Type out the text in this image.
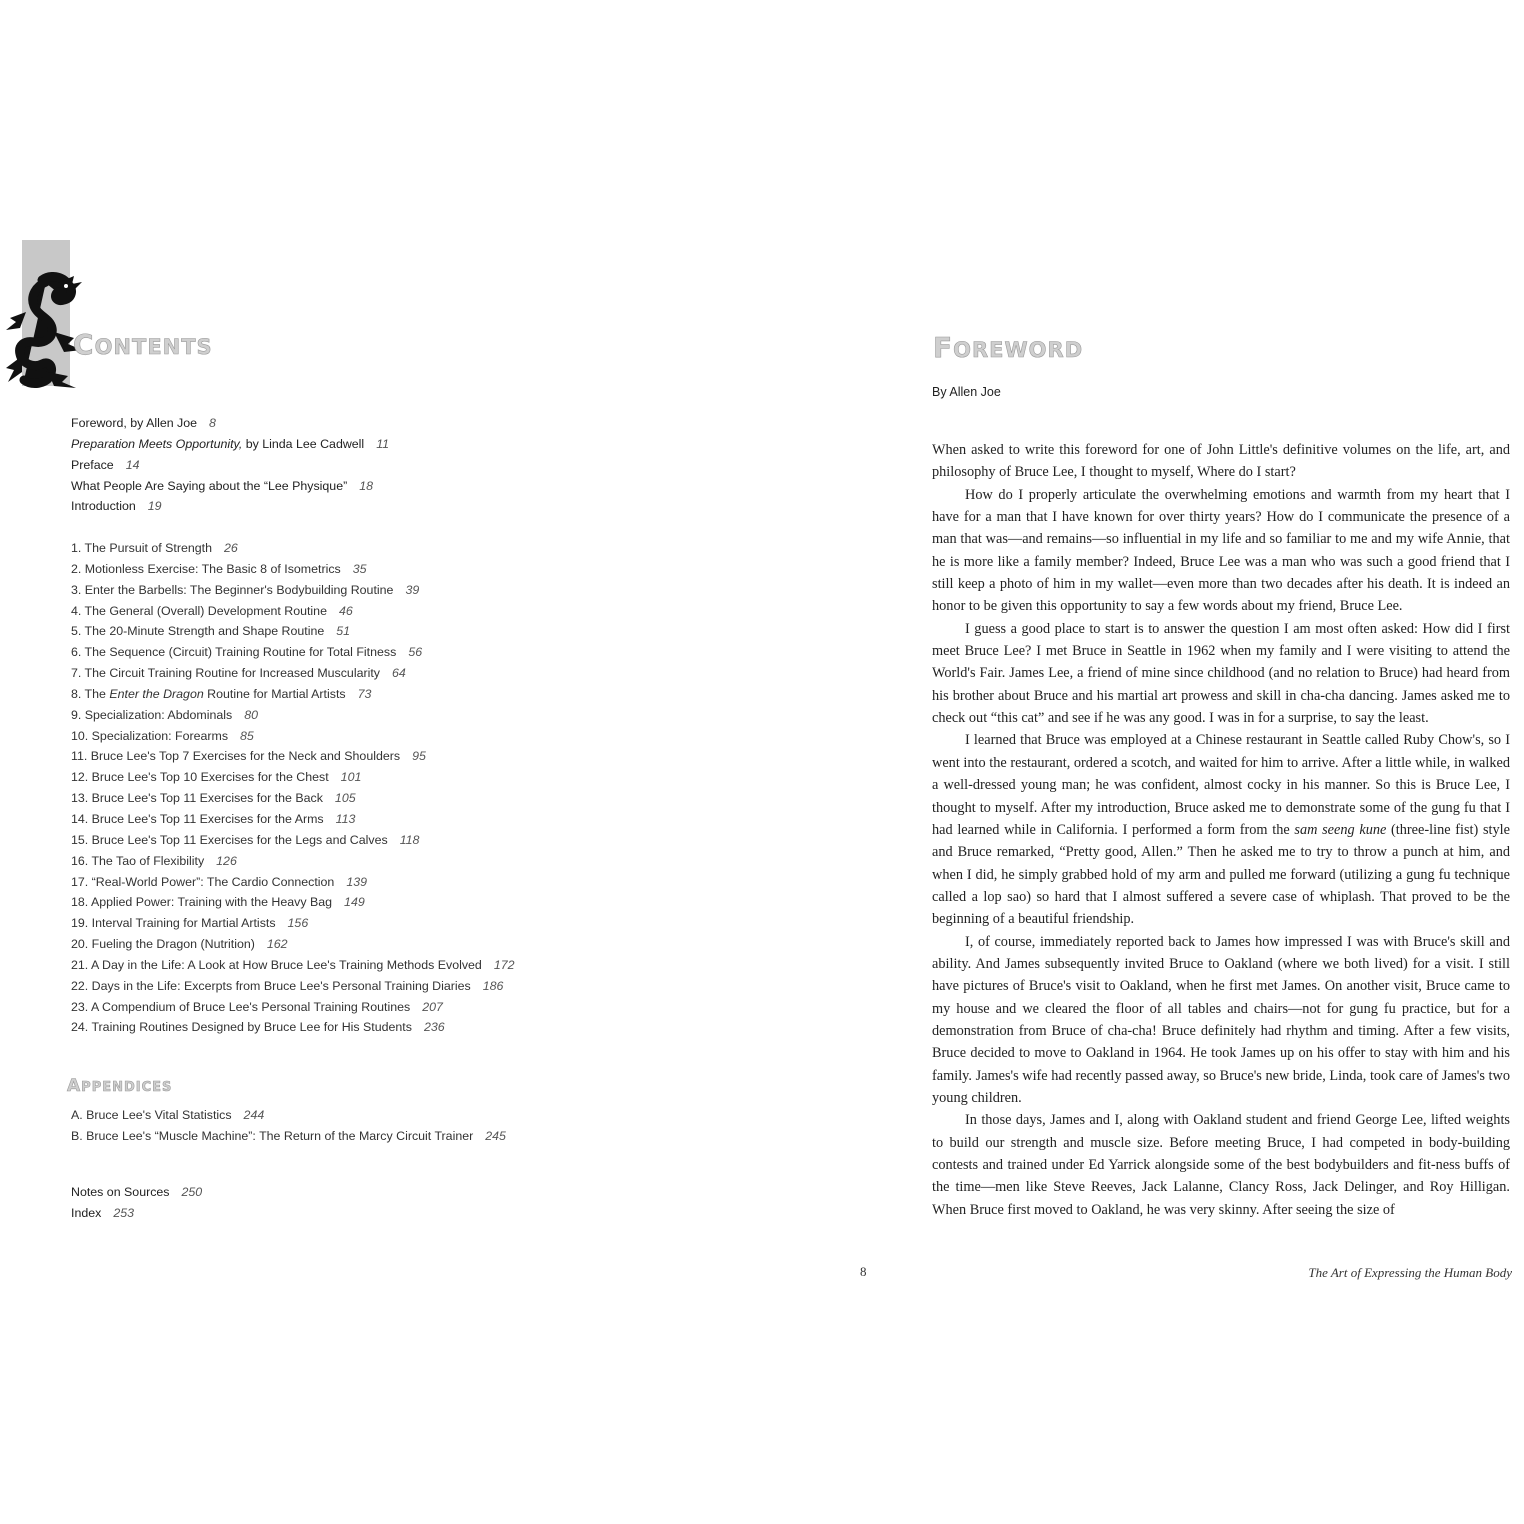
CONTENTS
Foreword, by Allen Joe 8
Preparation Meets Opportunity, by Linda Lee Cadwell 11
Preface 14
What People Are Saying about the “Lee Physique” 18
Introduction 19
1. The Pursuit of Strength 26
2. Motionless Exercise: The Basic 8 of Isometrics 35
3. Enter the Barbells: The Beginner's Bodybuilding Routine 39
4. The General (Overall) Development Routine 46
5. The 20-Minute Strength and Shape Routine 51
6. The Sequence (Circuit) Training Routine for Total Fitness 56
7. The Circuit Training Routine for Increased Muscularity 64
8. The Enter the Dragon Routine for Martial Artists 73
9. Specialization: Abdominals 80
10. Specialization: Forearms 85
11. Bruce Lee's Top 7 Exercises for the Neck and Shoulders 95
12. Bruce Lee's Top 10 Exercises for the Chest 101
13. Bruce Lee's Top 11 Exercises for the Back 105
14. Bruce Lee's Top 11 Exercises for the Arms 113
15. Bruce Lee's Top 11 Exercises for the Legs and Calves 118
16. The Tao of Flexibility 126
17. “Real-World Power”: The Cardio Connection 139
18. Applied Power: Training with the Heavy Bag 149
19. Interval Training for Martial Artists 156
20. Fueling the Dragon (Nutrition) 162
21. A Day in the Life: A Look at How Bruce Lee's Training Methods Evolved 172
22. Days in the Life: Excerpts from Bruce Lee's Personal Training Diaries 186
23. A Compendium of Bruce Lee's Personal Training Routines 207
24. Training Routines Designed by Bruce Lee for His Students 236
APPENDICES
A. Bruce Lee's Vital Statistics 244
B. Bruce Lee's “Muscle Machine”: The Return of the Marcy Circuit Trainer 245
Notes on Sources 250
Index 253
FOREWORD
By Allen Joe

When asked to write this foreword for one of John Little's definitive volumes on the life, art, and philosophy of Bruce Lee, I thought to myself, Where do I start?

How do I properly articulate the overwhelming emotions and warmth from my heart that I have for a man that I have known for over thirty years? How do I communicate the presence of a man that was—and remains—so influential in my life and so familiar to me and my wife Annie, that he is more like a family member? Indeed, Bruce Lee was a man who was such a good friend that I still keep a photo of him in my wallet—even more than two decades after his death. It is indeed an honor to be given this opportunity to say a few words about my friend, Bruce Lee.

I guess a good place to start is to answer the question I am most often asked: How did I first meet Bruce Lee? I met Bruce in Seattle in 1962 when my family and I were visiting to attend the World's Fair. James Lee, a friend of mine since childhood (and no relation to Bruce) had heard from his brother about Bruce and his martial art prowess and skill in cha-cha dancing. James asked me to check out “this cat” and see if he was any good. I was in for a surprise, to say the least.

I learned that Bruce was employed at a Chinese restaurant in Seattle called Ruby Chow's, so I went into the restaurant, ordered a scotch, and waited for him to arrive. After a little while, in walked a well-dressed young man; he was confident, almost cocky in his manner. So this is Bruce Lee, I thought to myself. After my introduction, Bruce asked me to demonstrate some of the gung fu that I had learned while in California. I performed a form from the sam seeng kune (three-line fist) style and Bruce remarked, “Pretty good, Allen.” Then he asked me to try to throw a punch at him, and when I did, he simply grabbed hold of my arm and pulled me forward (utilizing a gung fu technique called a lop sao) so hard that I almost suffered a severe case of whiplash. That proved to be the beginning of a beautiful friendship.

I, of course, immediately reported back to James how impressed I was with Bruce's skill and ability. And James subsequently invited Bruce to Oakland (where we both lived) for a visit. I still have pictures of Bruce's visit to Oakland, when he first met James. On another visit, Bruce came to my house and we cleared the floor of all tables and chairs—not for gung fu practice, but for a demonstration from Bruce of cha-cha! Bruce definitely had rhythm and timing. After a few visits, Bruce decided to move to Oakland in 1964. He took James up on his offer to stay with him and his family. James's wife had recently passed away, so Bruce's new bride, Linda, took care of James's two young children.

In those days, James and I, along with Oakland student and friend George Lee, lifted weights to build our strength and muscle size. Before meeting Bruce, I had competed in body-building contests and trained under Ed Yarrick alongside some of the best bodybuilders and fit-ness buffs of the time—men like Steve Reeves, Jack Lalanne, Clancy Ross, Jack Delinger, and Roy Hilligan. When Bruce first moved to Oakland, he was very skinny. After seeing the size of

8	The Art of Expressing the Human Body
